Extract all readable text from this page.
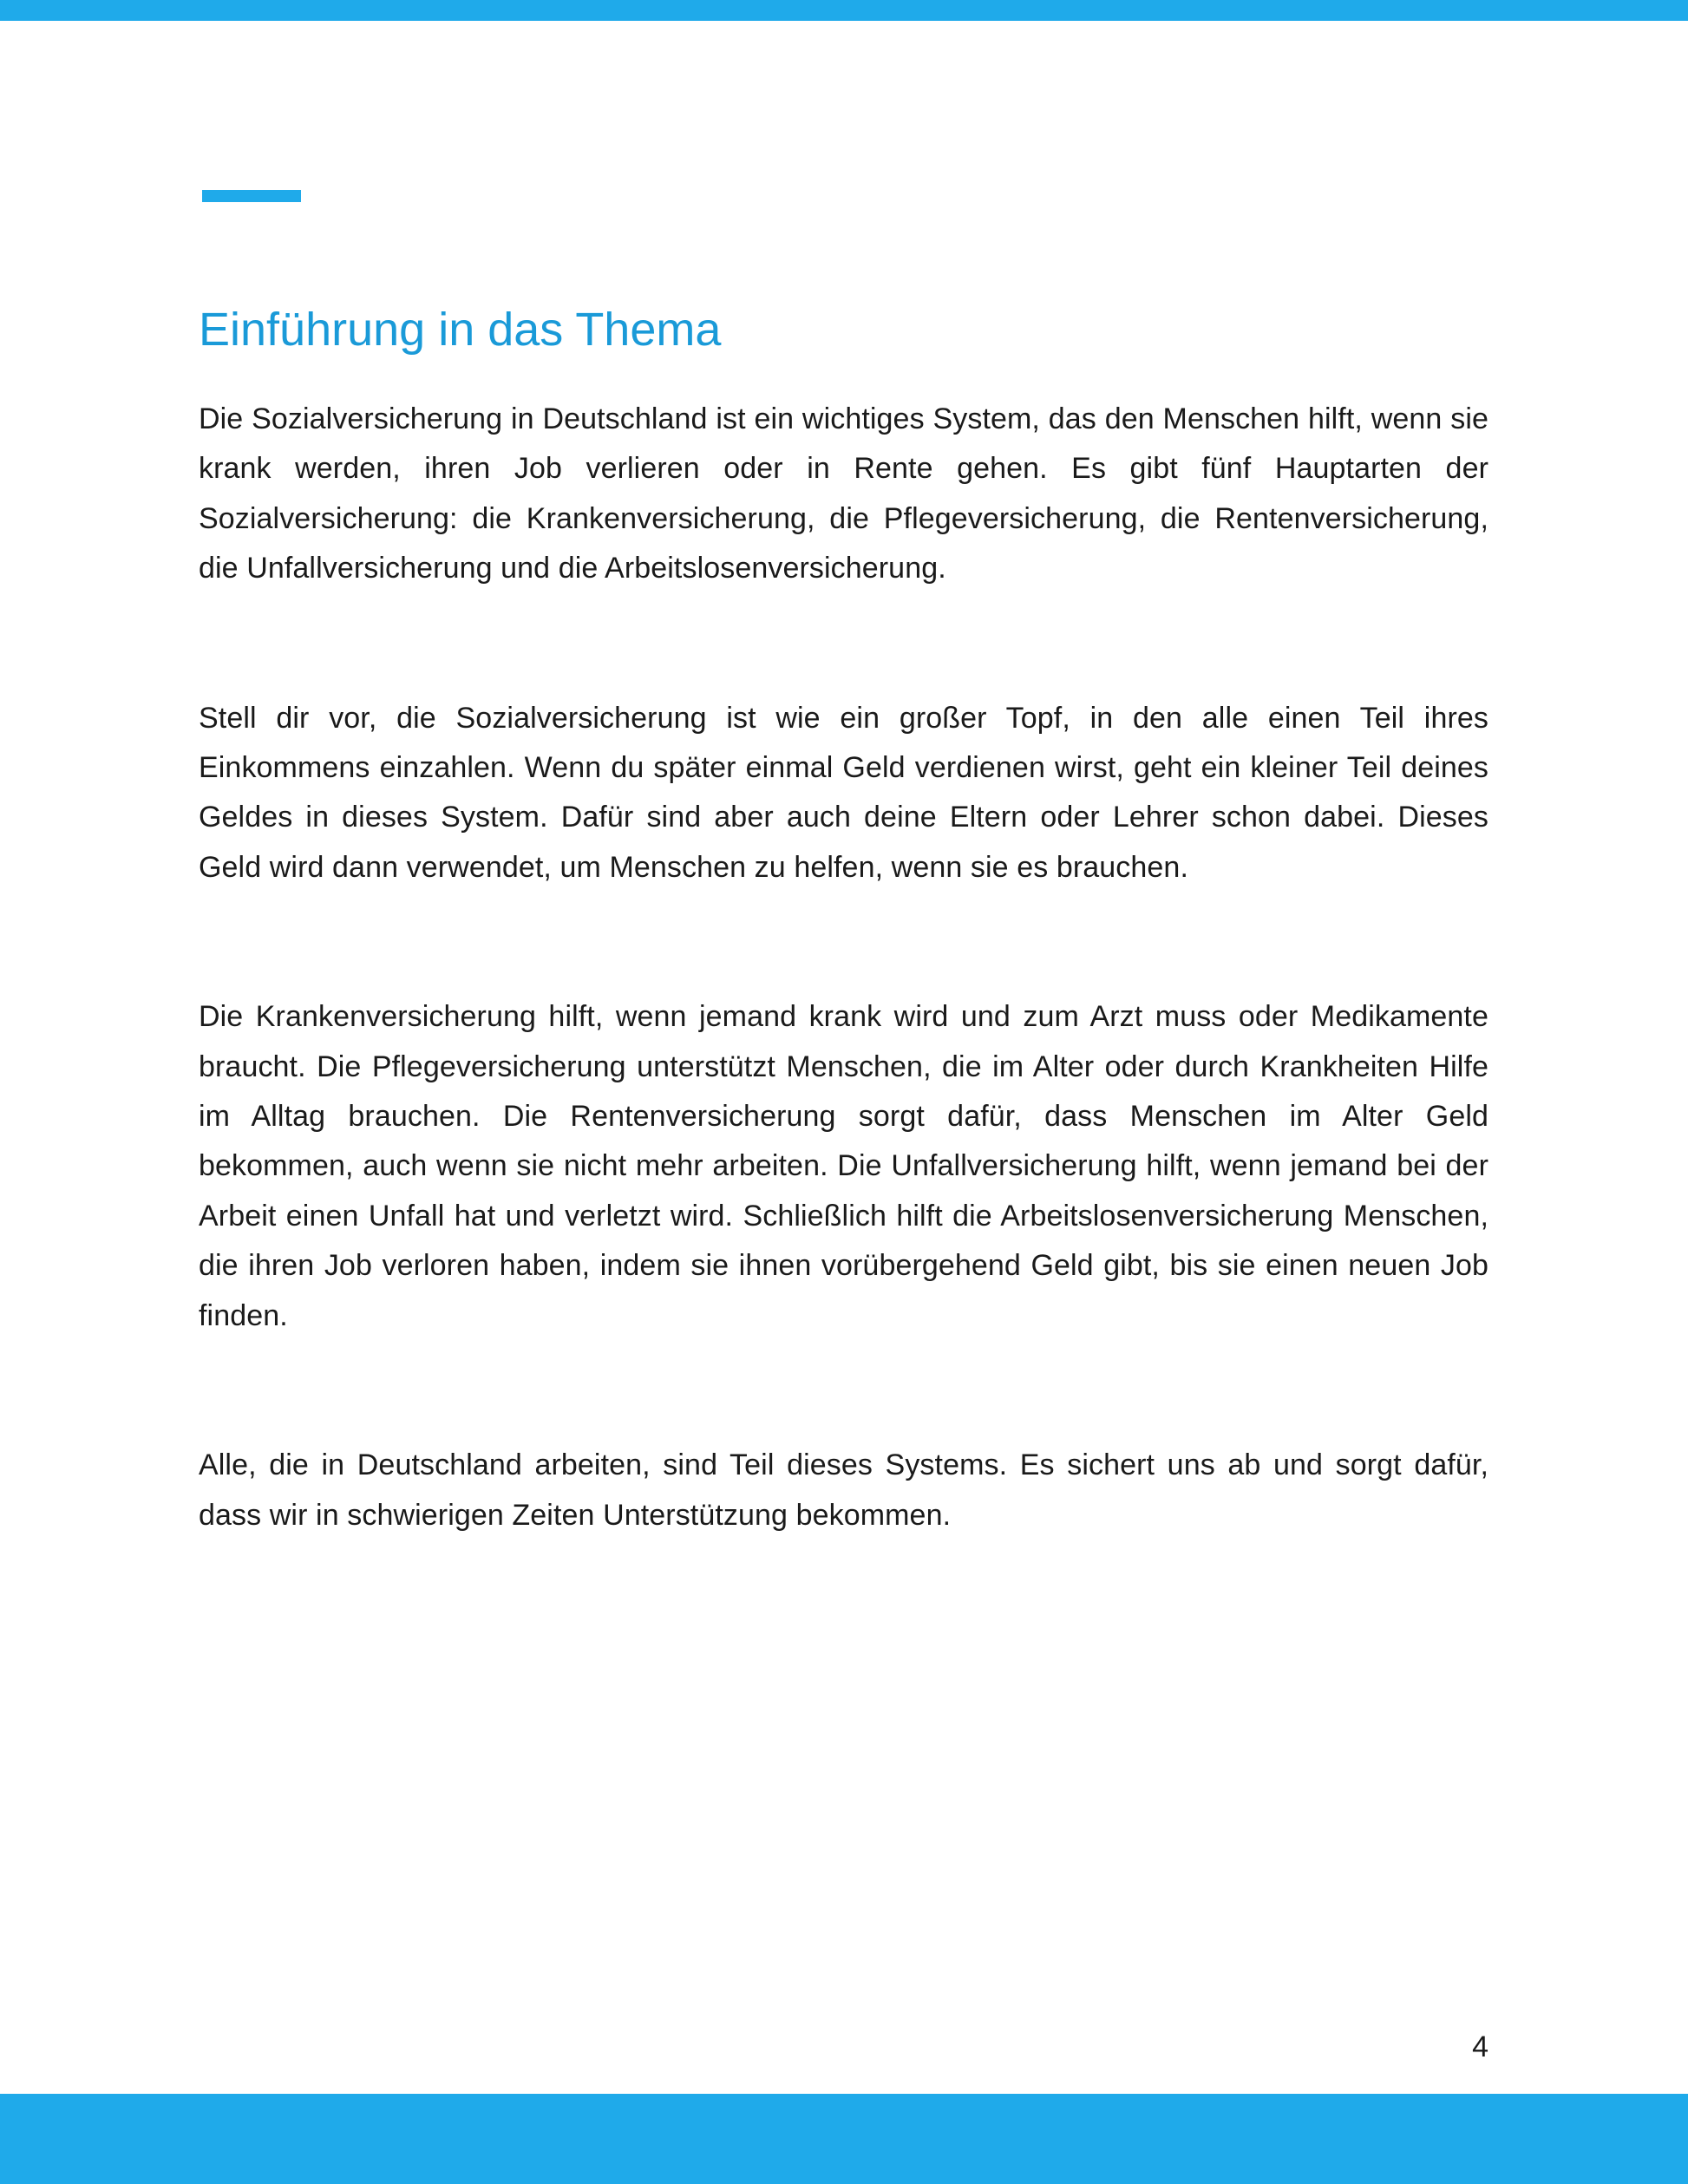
Einführung in das Thema

Die Sozialversicherung in Deutschland ist ein wichtiges System, das den Menschen hilft, wenn sie krank werden, ihren Job verlieren oder in Rente gehen. Es gibt fünf Hauptarten der Sozialversicherung: die Krankenversicherung, die Pflegeversicherung, die Rentenversicherung, die Unfallversicherung und die Arbeitslosenversicherung.

Stell dir vor, die Sozialversicherung ist wie ein großer Topf, in den alle einen Teil ihres Einkommens einzahlen. Wenn du später einmal Geld verdienen wirst, geht ein kleiner Teil deines Geldes in dieses System. Dafür sind aber auch deine Eltern oder Lehrer schon dabei. Dieses Geld wird dann verwendet, um Menschen zu helfen, wenn sie es brauchen.

Die Krankenversicherung hilft, wenn jemand krank wird und zum Arzt muss oder Medikamente braucht. Die Pflegeversicherung unterstützt Menschen, die im Alter oder durch Krankheiten Hilfe im Alltag brauchen. Die Rentenversicherung sorgt dafür, dass Menschen im Alter Geld bekommen, auch wenn sie nicht mehr arbeiten. Die Unfallversicherung hilft, wenn jemand bei der Arbeit einen Unfall hat und verletzt wird. Schließlich hilft die Arbeitslosenversicherung Menschen, die ihren Job verloren haben, indem sie ihnen vorübergehend Geld gibt, bis sie einen neuen Job finden.

Alle, die in Deutschland arbeiten, sind Teil dieses Systems. Es sichert uns ab und sorgt dafür, dass wir in schwierigen Zeiten Unterstützung bekommen.

4
